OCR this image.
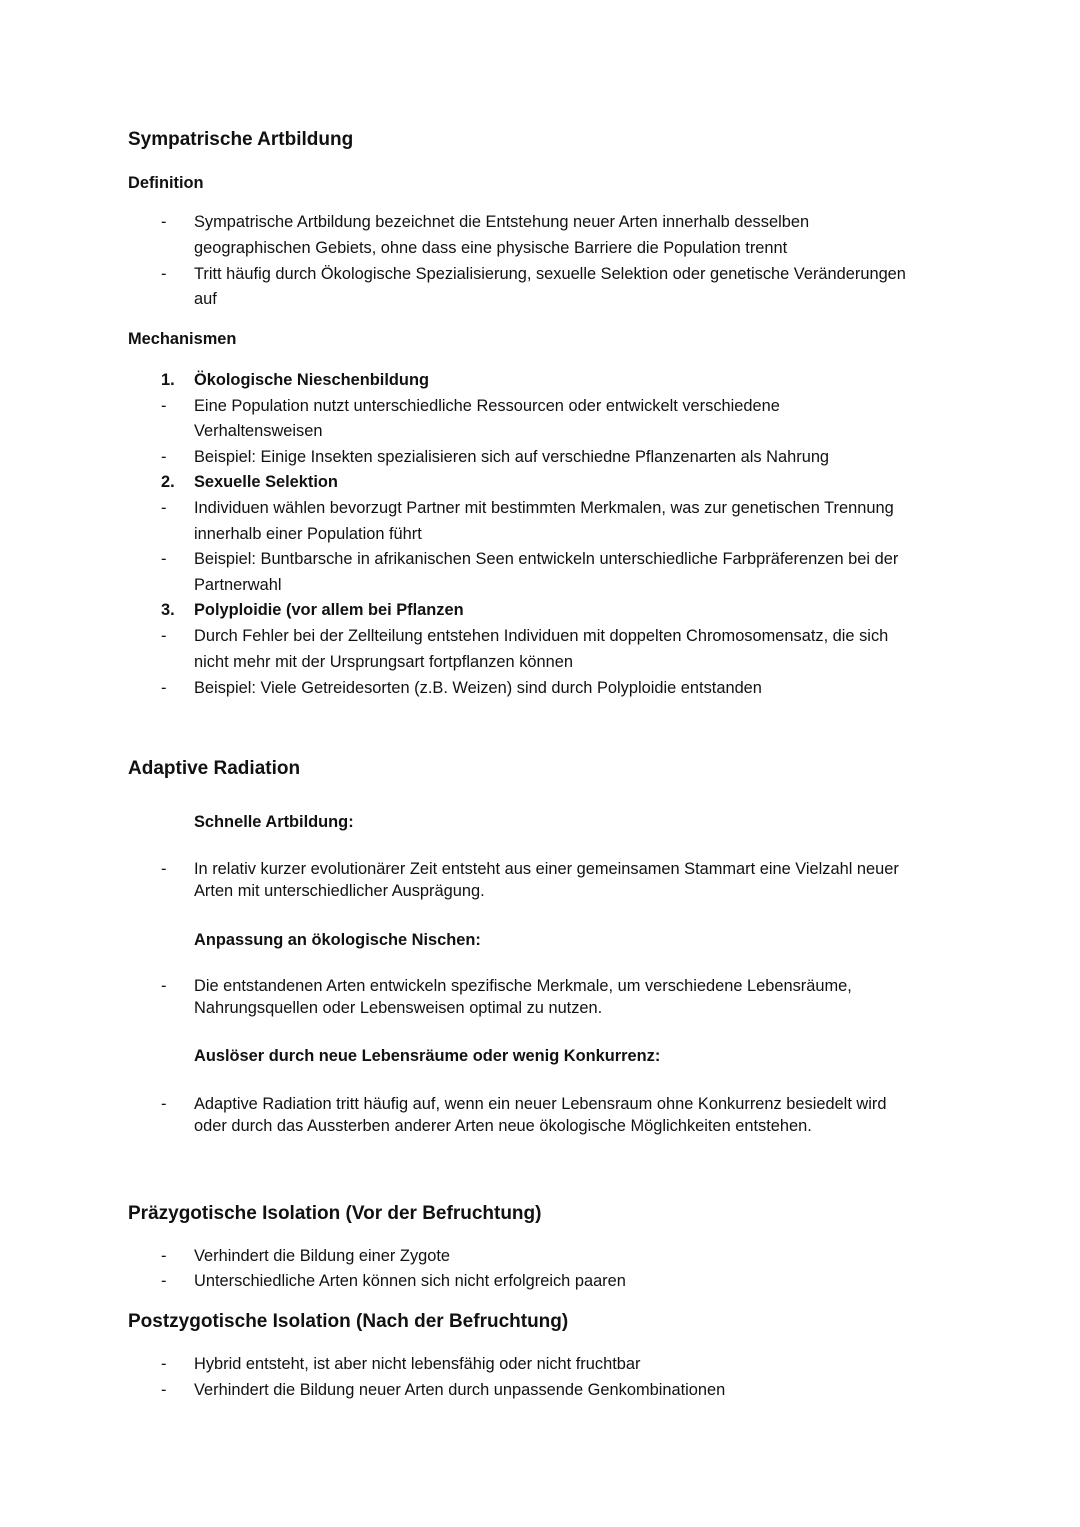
Sympatrische Artbildung
Definition
- Sympatrische Artbildung bezeichnet die Entstehung neuer Arten innerhalb desselben
geographischen Gebiets, ohne dass eine physische Barriere die Population trennt
- Tritt häufig durch Ökologische Spezialisierung, sexuelle Selektion oder genetische Veränderungen
auf
Mechanismen
1. Ökologische Nieschenbildung
- Eine Population nutzt unterschiedliche Ressourcen oder entwickelt verschiedene
Verhaltensweisen
- Beispiel: Einige Insekten spezialisieren sich auf verschiedne Pflanzenarten als Nahrung
2. Sexuelle Selektion
- Individuen wählen bevorzugt Partner mit bestimmten Merkmalen, was zur genetischen Trennung
innerhalb einer Population führt
- Beispiel: Buntbarsche in afrikanischen Seen entwickeln unterschiedliche Farbpräferenzen bei der
Partnerwahl
3. Polyploidie (vor allem bei Pflanzen
- Durch Fehler bei der Zellteilung entstehen Individuen mit doppelten Chromosomensatz, die sich
nicht mehr mit der Ursprungsart fortpflanzen können
- Beispiel: Viele Getreidesorten (z.B. Weizen) sind durch Polyploidie entstanden
Adaptive Radiation
Schnelle Artbildung:
- In relativ kurzer evolutionärer Zeit entsteht aus einer gemeinsamen Stammart eine Vielzahl neuer
Arten mit unterschiedlicher Ausprägung.
Anpassung an ökologische Nischen:
- Die entstandenen Arten entwickeln spezifische Merkmale, um verschiedene Lebensräume,
Nahrungsquellen oder Lebensweisen optimal zu nutzen.
Auslöser durch neue Lebensräume oder wenig Konkurrenz:
- Adaptive Radiation tritt häufig auf, wenn ein neuer Lebensraum ohne Konkurrenz besiedelt wird
oder durch das Aussterben anderer Arten neue ökologische Möglichkeiten entstehen.
Präzygotische Isolation (Vor der Befruchtung)
- Verhindert die Bildung einer Zygote
- Unterschiedliche Arten können sich nicht erfolgreich paaren
Postzygotische Isolation (Nach der Befruchtung)
- Hybrid entsteht, ist aber nicht lebensfähig oder nicht fruchtbar
- Verhindert die Bildung neuer Arten durch unpassende Genkombinationen
